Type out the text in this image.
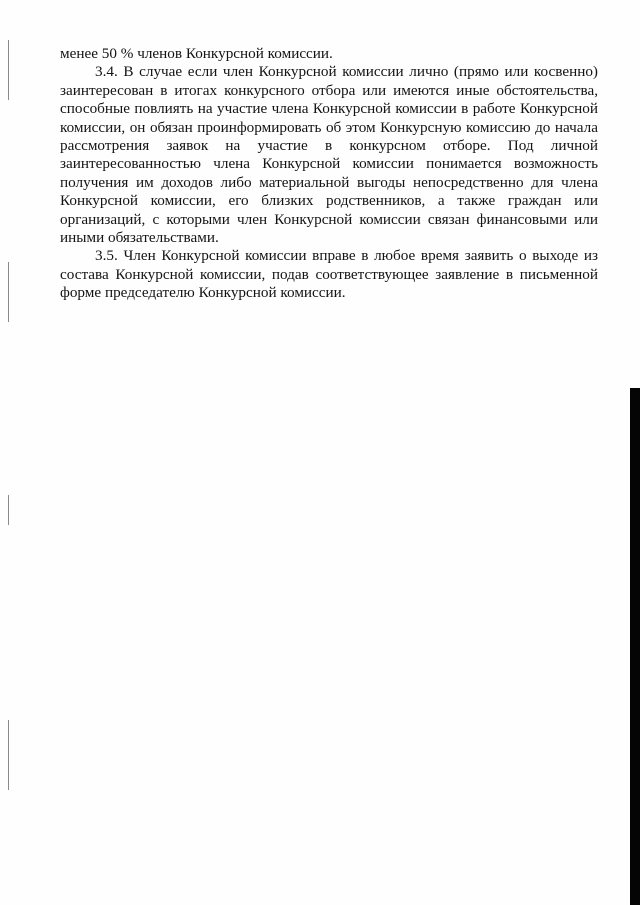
менее 50 % членов Конкурсной комиссии.

3.4. В случае если член Конкурсной комиссии лично (прямо или косвенно) заинтересован в итогах конкурсного отбора или имеются иные обстоятельства, способные повлиять на участие члена Конкурсной комиссии в работе Конкурсной комиссии, он обязан проинформировать об этом Конкурсную комиссию до начала рассмотрения заявок на участие в конкурсном отборе. Под личной заинтересованностью члена Конкурсной комиссии понимается возможность получения им доходов либо материальной выгоды непосредственно для члена Конкурсной комиссии, его близких родственников, а также граждан или организаций, с которыми член Конкурсной комиссии связан финансовыми или иными обязательствами.

3.5. Член Конкурсной комиссии вправе в любое время заявить о выходе из состава Конкурсной комиссии, подав соответствующее заявление в письменной форме председателю Конкурсной комиссии.
